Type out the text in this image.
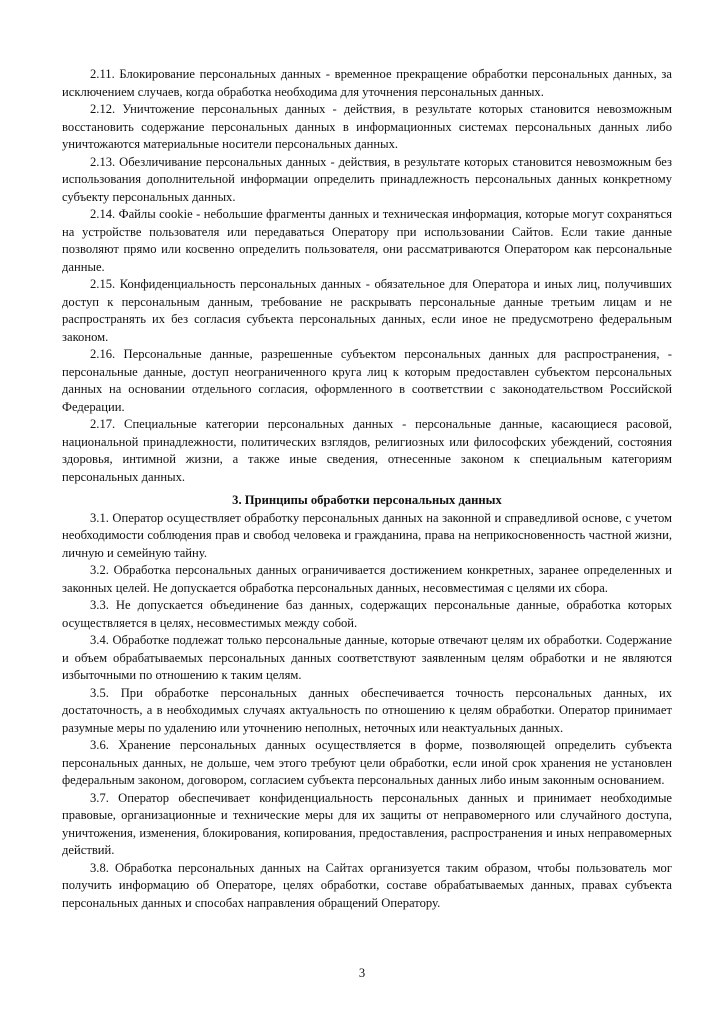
2.11. Блокирование персональных данных - временное прекращение обработки персональных данных, за исключением случаев, когда обработка необходима для уточнения персональных данных.

2.12. Уничтожение персональных данных - действия, в результате которых становится невозможным восстановить содержание персональных данных в информационных системах персональных данных либо уничтожаются материальные носители персональных данных.

2.13. Обезличивание персональных данных - действия, в результате которых становится невозможным без использования дополнительной информации определить принадлежность персональных данных конкретному субъекту персональных данных.

2.14. Файлы cookie - небольшие фрагменты данных и техническая информация, которые могут сохраняться на устройстве пользователя или передаваться Оператору при использовании Сайтов. Если такие данные позволяют прямо или косвенно определить пользователя, они рассматриваются Оператором как персональные данные.

2.15. Конфиденциальность персональных данных - обязательное для Оператора и иных лиц, получивших доступ к персональным данным, требование не раскрывать персональные данные третьим лицам и не распространять их без согласия субъекта персональных данных, если иное не предусмотрено федеральным законом.

2.16. Персональные данные, разрешенные субъектом персональных данных для распространения, - персональные данные, доступ неограниченного круга лиц к которым предоставлен субъектом персональных данных на основании отдельного согласия, оформленного в соответствии с законодательством Российской Федерации.

2.17. Специальные категории персональных данных - персональные данные, касающиеся расовой, национальной принадлежности, политических взглядов, религиозных или философских убеждений, состояния здоровья, интимной жизни, а также иные сведения, отнесенные законом к специальным категориям персональных данных.

3. Принципы обработки персональных данных

3.1. Оператор осуществляет обработку персональных данных на законной и справедливой основе, с учетом необходимости соблюдения прав и свобод человека и гражданина, права на неприкосновенность частной жизни, личную и семейную тайну.

3.2. Обработка персональных данных ограничивается достижением конкретных, заранее определенных и законных целей. Не допускается обработка персональных данных, несовместимая с целями их сбора.

3.3. Не допускается объединение баз данных, содержащих персональные данные, обработка которых осуществляется в целях, несовместимых между собой.

3.4. Обработке подлежат только персональные данные, которые отвечают целям их обработки. Содержание и объем обрабатываемых персональных данных соответствуют заявленным целям обработки и не являются избыточными по отношению к таким целям.

3.5. При обработке персональных данных обеспечивается точность персональных данных, их достаточность, а в необходимых случаях актуальность по отношению к целям обработки. Оператор принимает разумные меры по удалению или уточнению неполных, неточных или неактуальных данных.

3.6. Хранение персональных данных осуществляется в форме, позволяющей определить субъекта персональных данных, не дольше, чем этого требуют цели обработки, если иной срок хранения не установлен федеральным законом, договором, согласием субъекта персональных данных либо иным законным основанием.

3.7. Оператор обеспечивает конфиденциальность персональных данных и принимает необходимые правовые, организационные и технические меры для их защиты от неправомерного или случайного доступа, уничтожения, изменения, блокирования, копирования, предоставления, распространения и иных неправомерных действий.

3.8. Обработка персональных данных на Сайтах организуется таким образом, чтобы пользователь мог получить информацию об Операторе, целях обработки, составе обрабатываемых данных, правах субъекта персональных данных и способах направления обращений Оператору.

3
